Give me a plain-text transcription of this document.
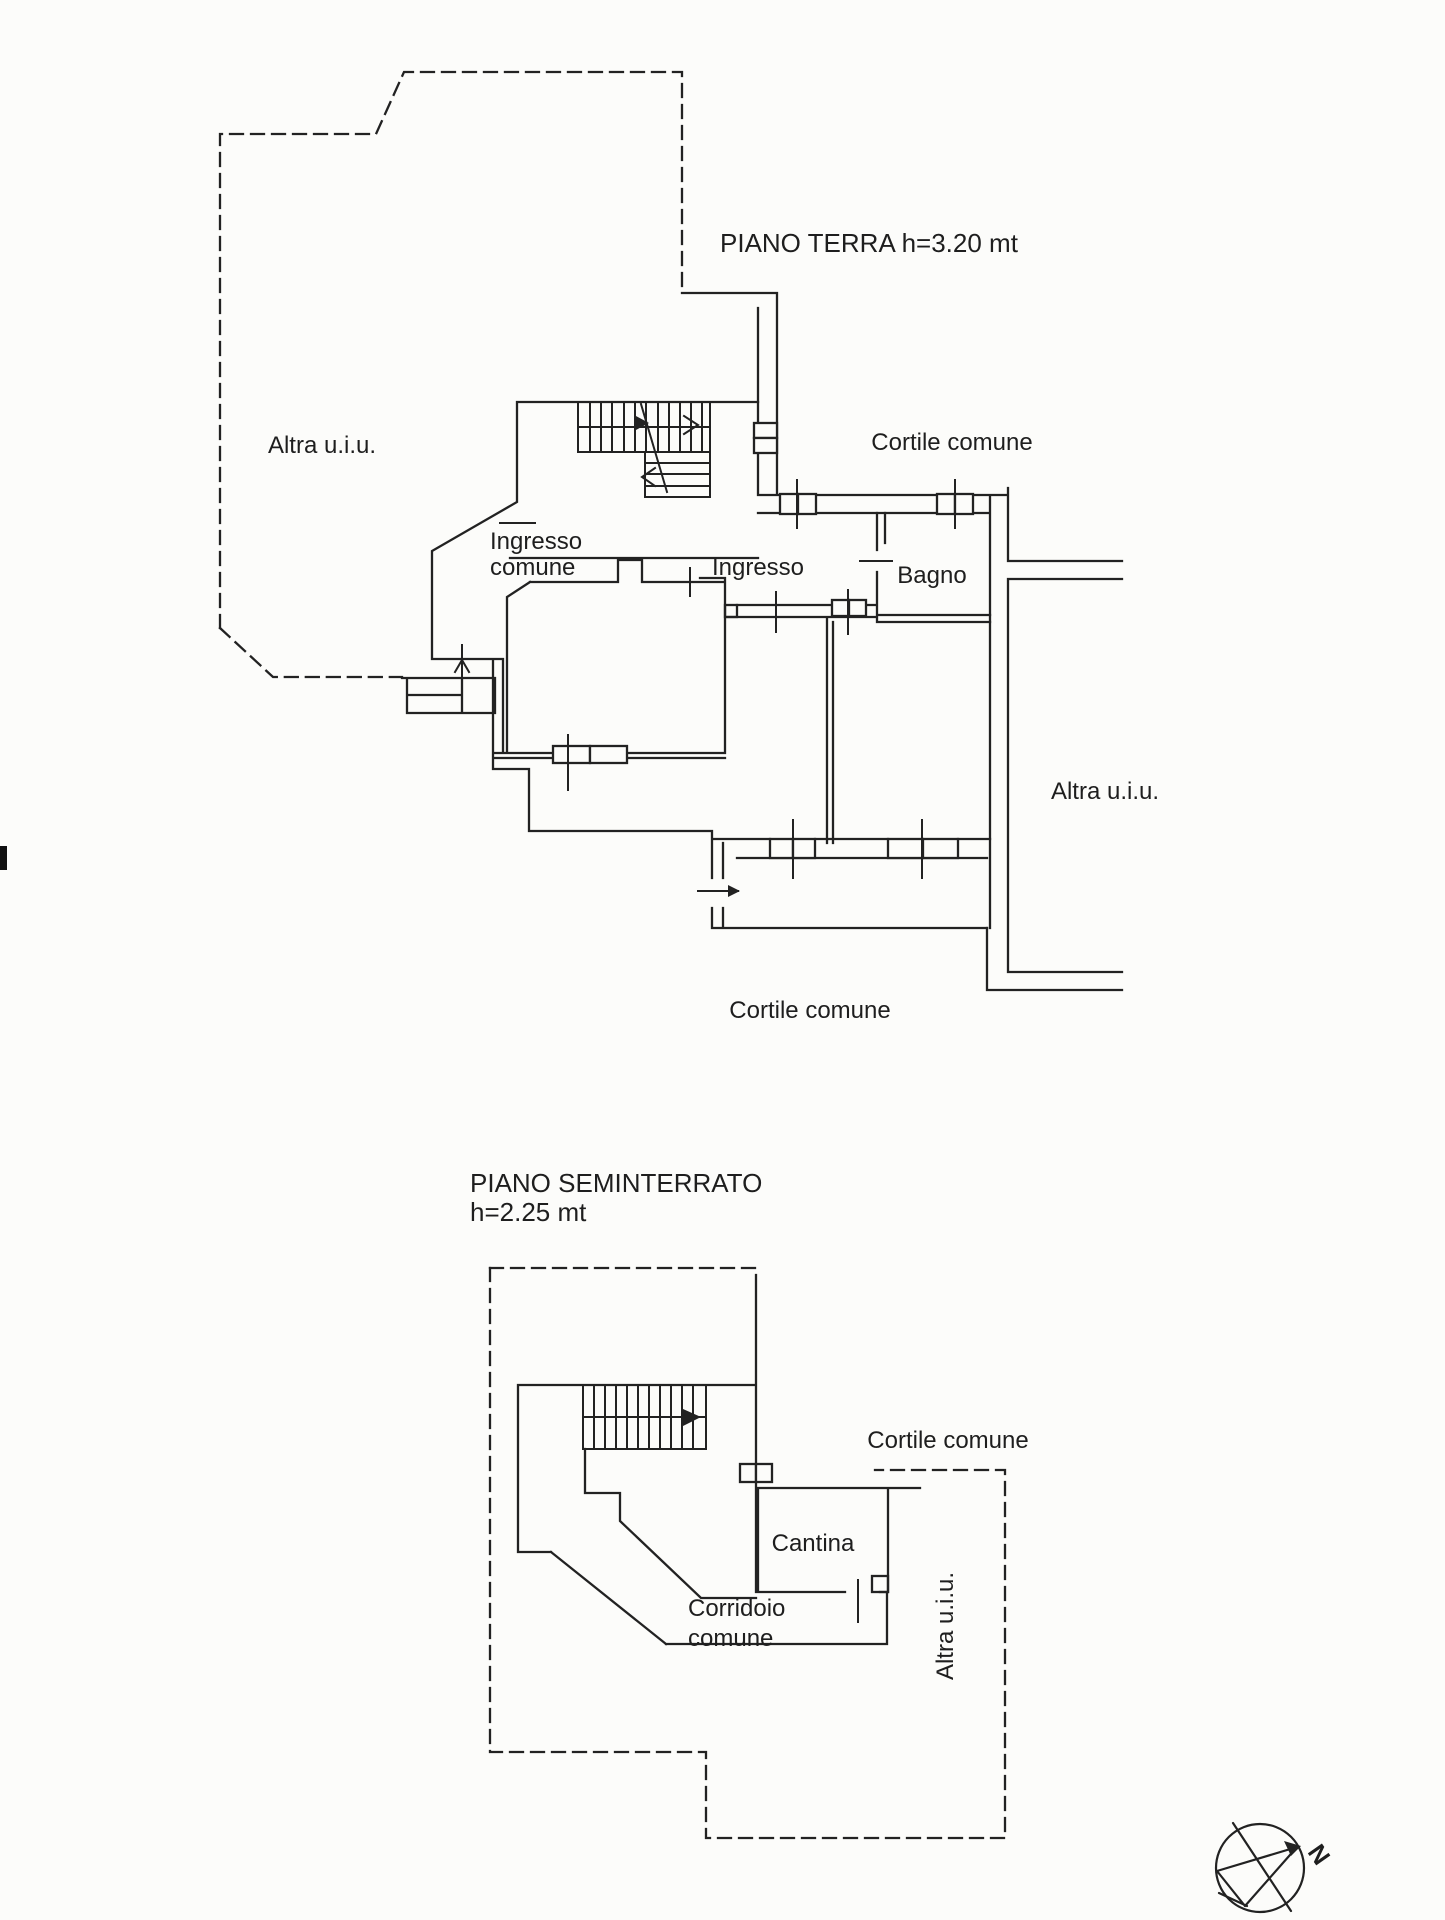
PIANO TERRA h=3.20 mt
Altra u.i.u.	Cortile comune
Ingresso
comune	Ingresso	Bagno
Altra u.i.u.
Cortile comune
PIANO SEMINTERRATO
h=2.25 mt
Cortile comune
Cantina
Corridoio
comune	Altra u.i.u.
N
